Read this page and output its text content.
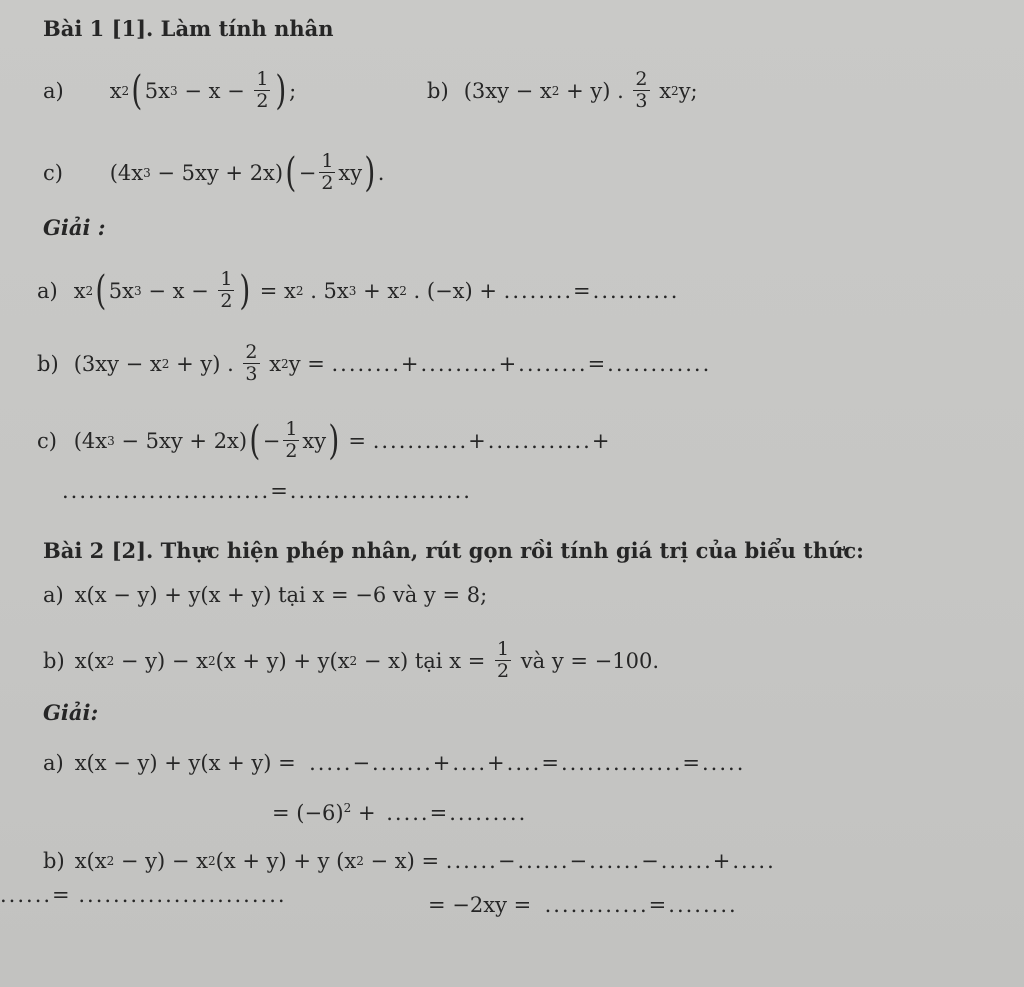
Bài 1 [1]. Làm tính nhân
a) x 2 ( 5x $3 - x - \frac{1}{2}$ ) ;	b) (3xy − x 2 + y) . $\frac{2}{3}$ x 2 y;
c) (4x 3 − 5xy + 2x) ( − $\frac{1}{2}$ xy ) .
Giải :
a) x 2 ( 5x $3 - x - \frac{1}{2}$ ) = x 2 . 5x 3 + x 2 . (−x) + ........=..........
b) (3xy − x 2 + y) . $\frac{2}{3}$ x 2 y = ........+.........+........=............
c) (4x 3 − 5xy + 2x) ( − $\frac{1}{2}$ xy ) = ...........+............+
........................=.....................
Bài 2 [2]. Thực hiện phép nhân, rút gọn rồi tính giá trị của biểu thức:
a) x(x − y) + y(x + y) tại x = −6 và y = 8;
b) x(x 2 − y) − x 2 (x + y) + y(x 2 − x) tại $x = \frac{1}{2}$ và y = −100.
Giải:
a) x(x − y) + y(x + y) =  .....−.......+....+....=..............=.....
= $(-6)^2$ + .....=.........
b) x(x 2 − y) − x 2 (x + y) + y (x 2 − x) = ......−......−......−......+.....
......= ........................	= −2xy =  ............=........
